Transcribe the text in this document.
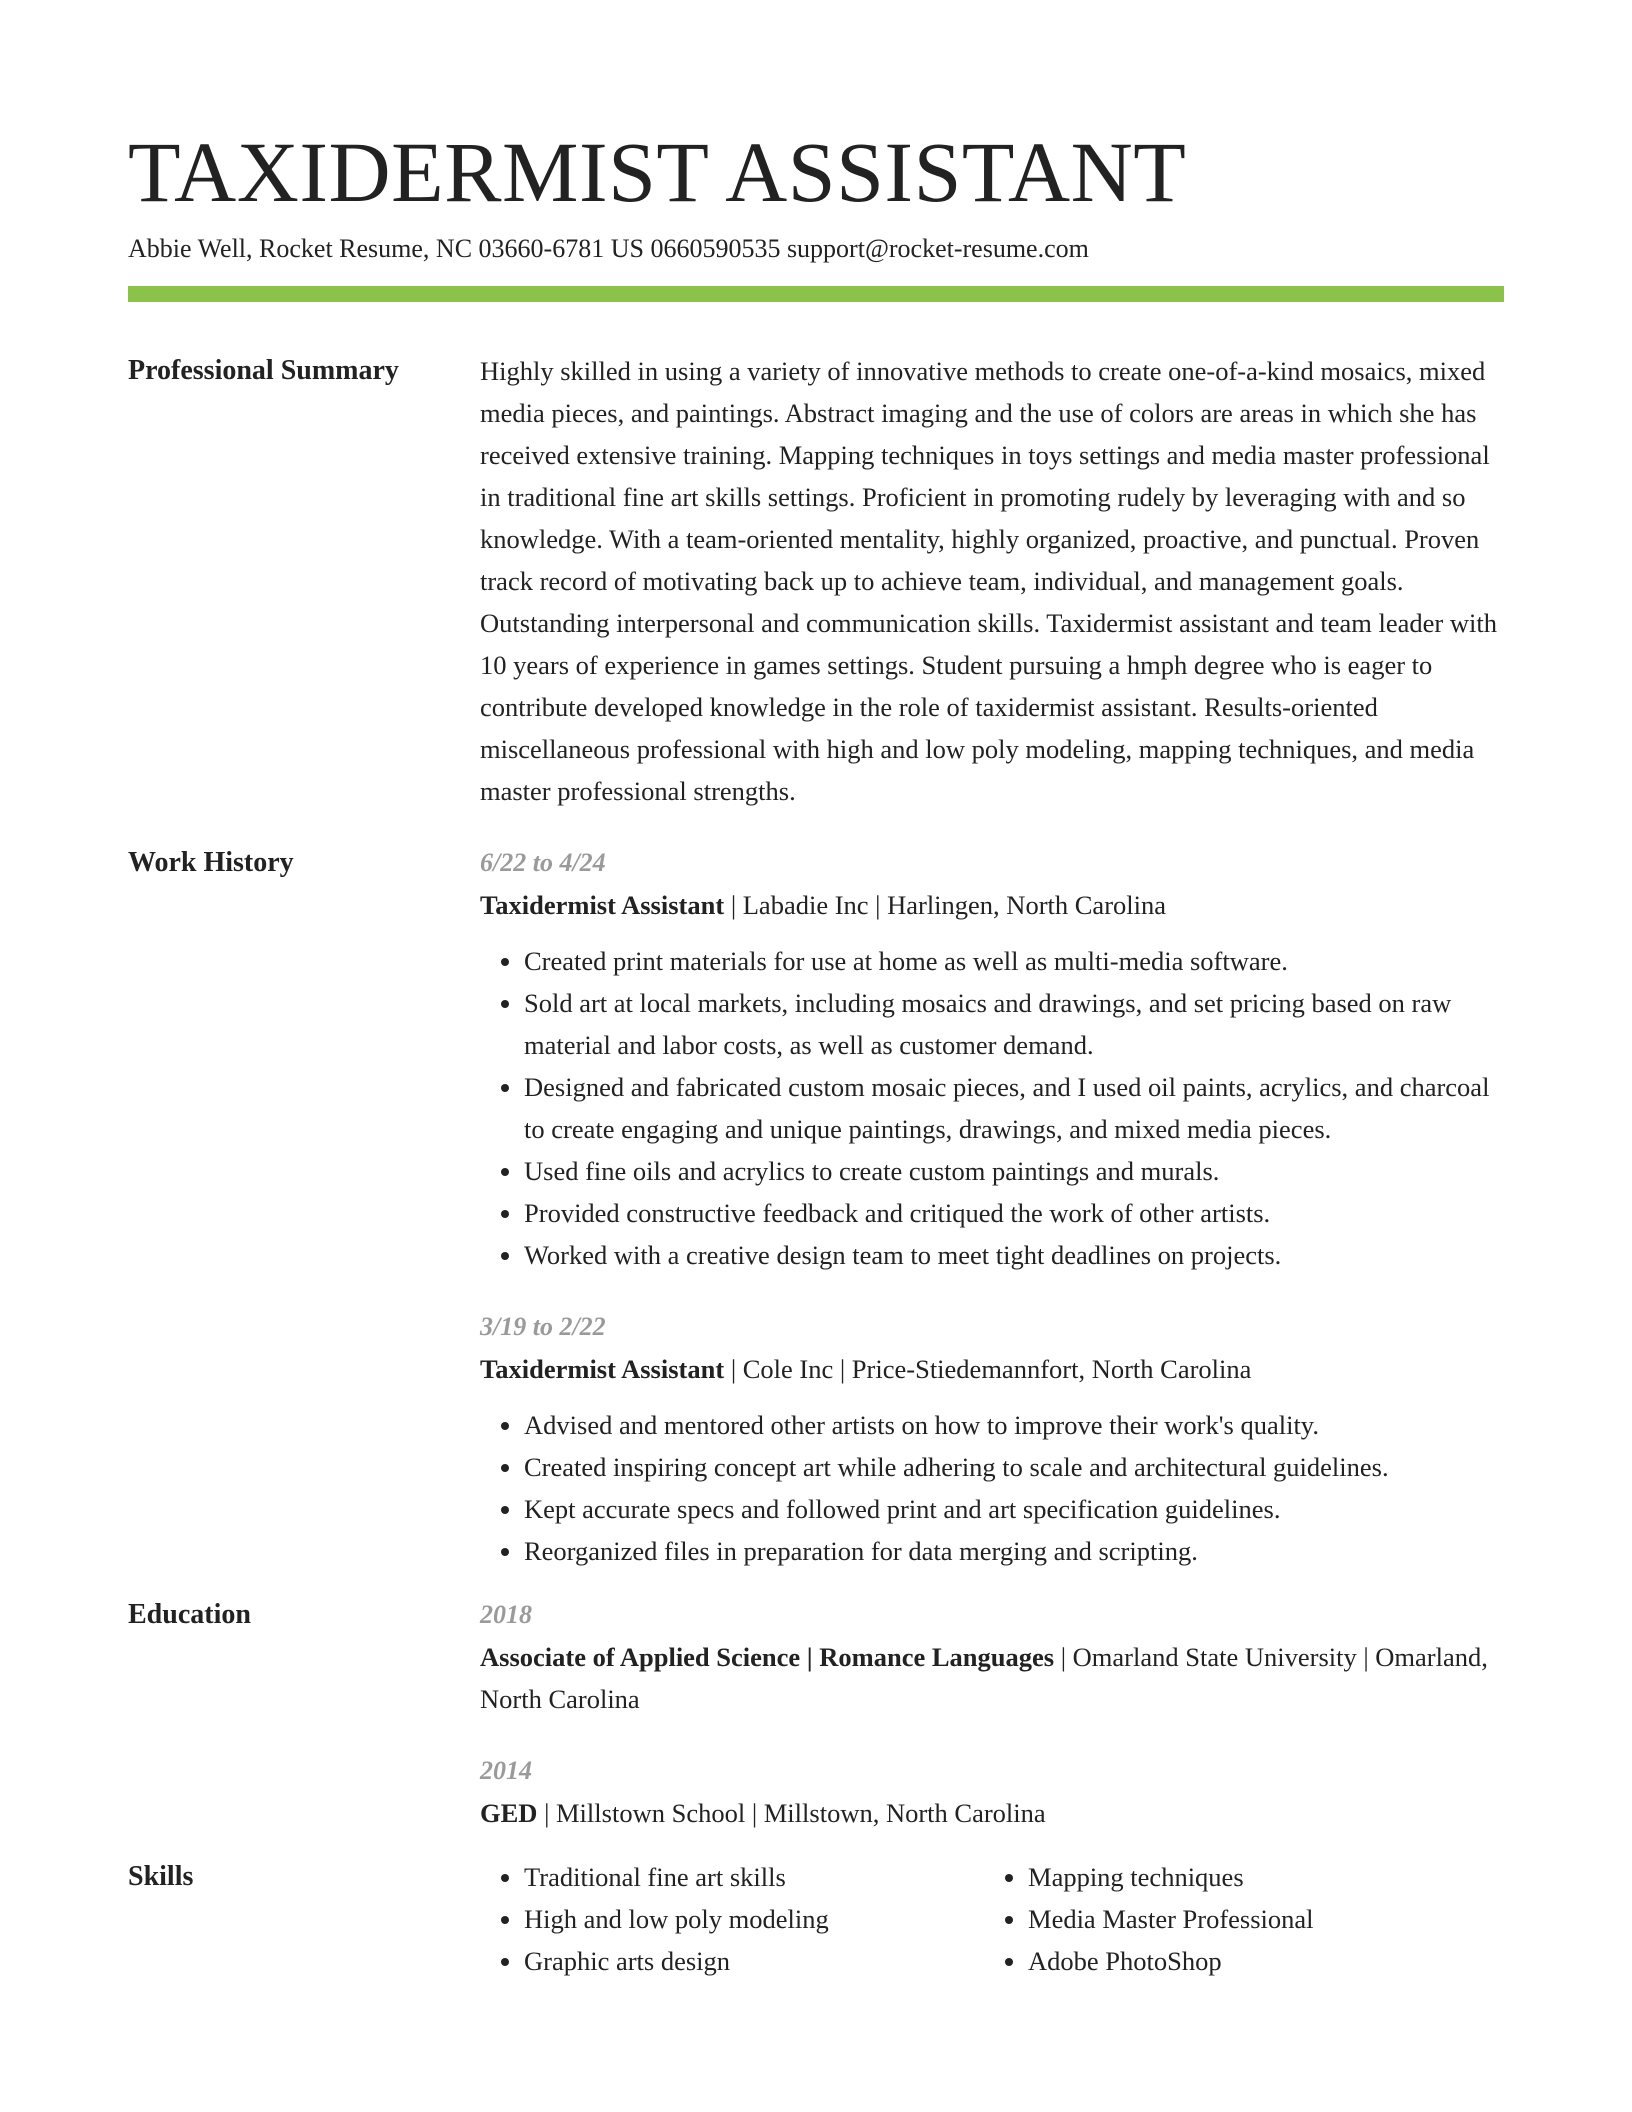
TAXIDERMIST ASSISTANT
Abbie Well, Rocket Resume, NC 03660-6781 US 0660590535 support@rocket-resume.com
Professional Summary	Highly skilled in using a variety of innovative methods to create one-of-a-kind mosaics, mixed media pieces, and paintings. Abstract imaging and the use of colors are areas in which she has received extensive training. Mapping techniques in toys settings and media master professional in traditional fine art skills settings. Proficient in promoting rudely by leveraging with and so knowledge. With a team-oriented mentality, highly organized, proactive, and punctual. Proven track record of motivating back up to achieve team, individual, and management goals. Outstanding interpersonal and communication skills. Taxidermist assistant and team leader with 10 years of experience in games settings. Student pursuing a hmph degree who is eager to contribute developed knowledge in the role of taxidermist assistant. Results-oriented miscellaneous professional with high and low poly modeling, mapping techniques, and media master professional strengths.

Work History	6/22 to 4/24
Taxidermist Assistant | Labadie Inc | Harlingen, North Carolina
• Created print materials for use at home as well as multi-media software.
• Sold art at local markets, including mosaics and drawings, and set pricing based on raw material and labor costs, as well as customer demand.
• Designed and fabricated custom mosaic pieces, and I used oil paints, acrylics, and charcoal to create engaging and unique paintings, drawings, and mixed media pieces.
• Used fine oils and acrylics to create custom paintings and murals.
• Provided constructive feedback and critiqued the work of other artists.
• Worked with a creative design team to meet tight deadlines on projects.
3/19 to 2/22
Taxidermist Assistant | Cole Inc | Price-Stiedemannfort, North Carolina
• Advised and mentored other artists on how to improve their work's quality.
• Created inspiring concept art while adhering to scale and architectural guidelines.
• Kept accurate specs and followed print and art specification guidelines.
• Reorganized files in preparation for data merging and scripting.
Education	2018
Associate of Applied Science | Romance Languages | Omarland State University | Omarland, North Carolina
2014
GED | Millstown School | Millstown, North Carolina
Skills
•	Traditional fine art skills
• High and low poly modeling
• Graphic arts design
• Mapping techniques
• Media Master Professional
• Adobe PhotoShop
